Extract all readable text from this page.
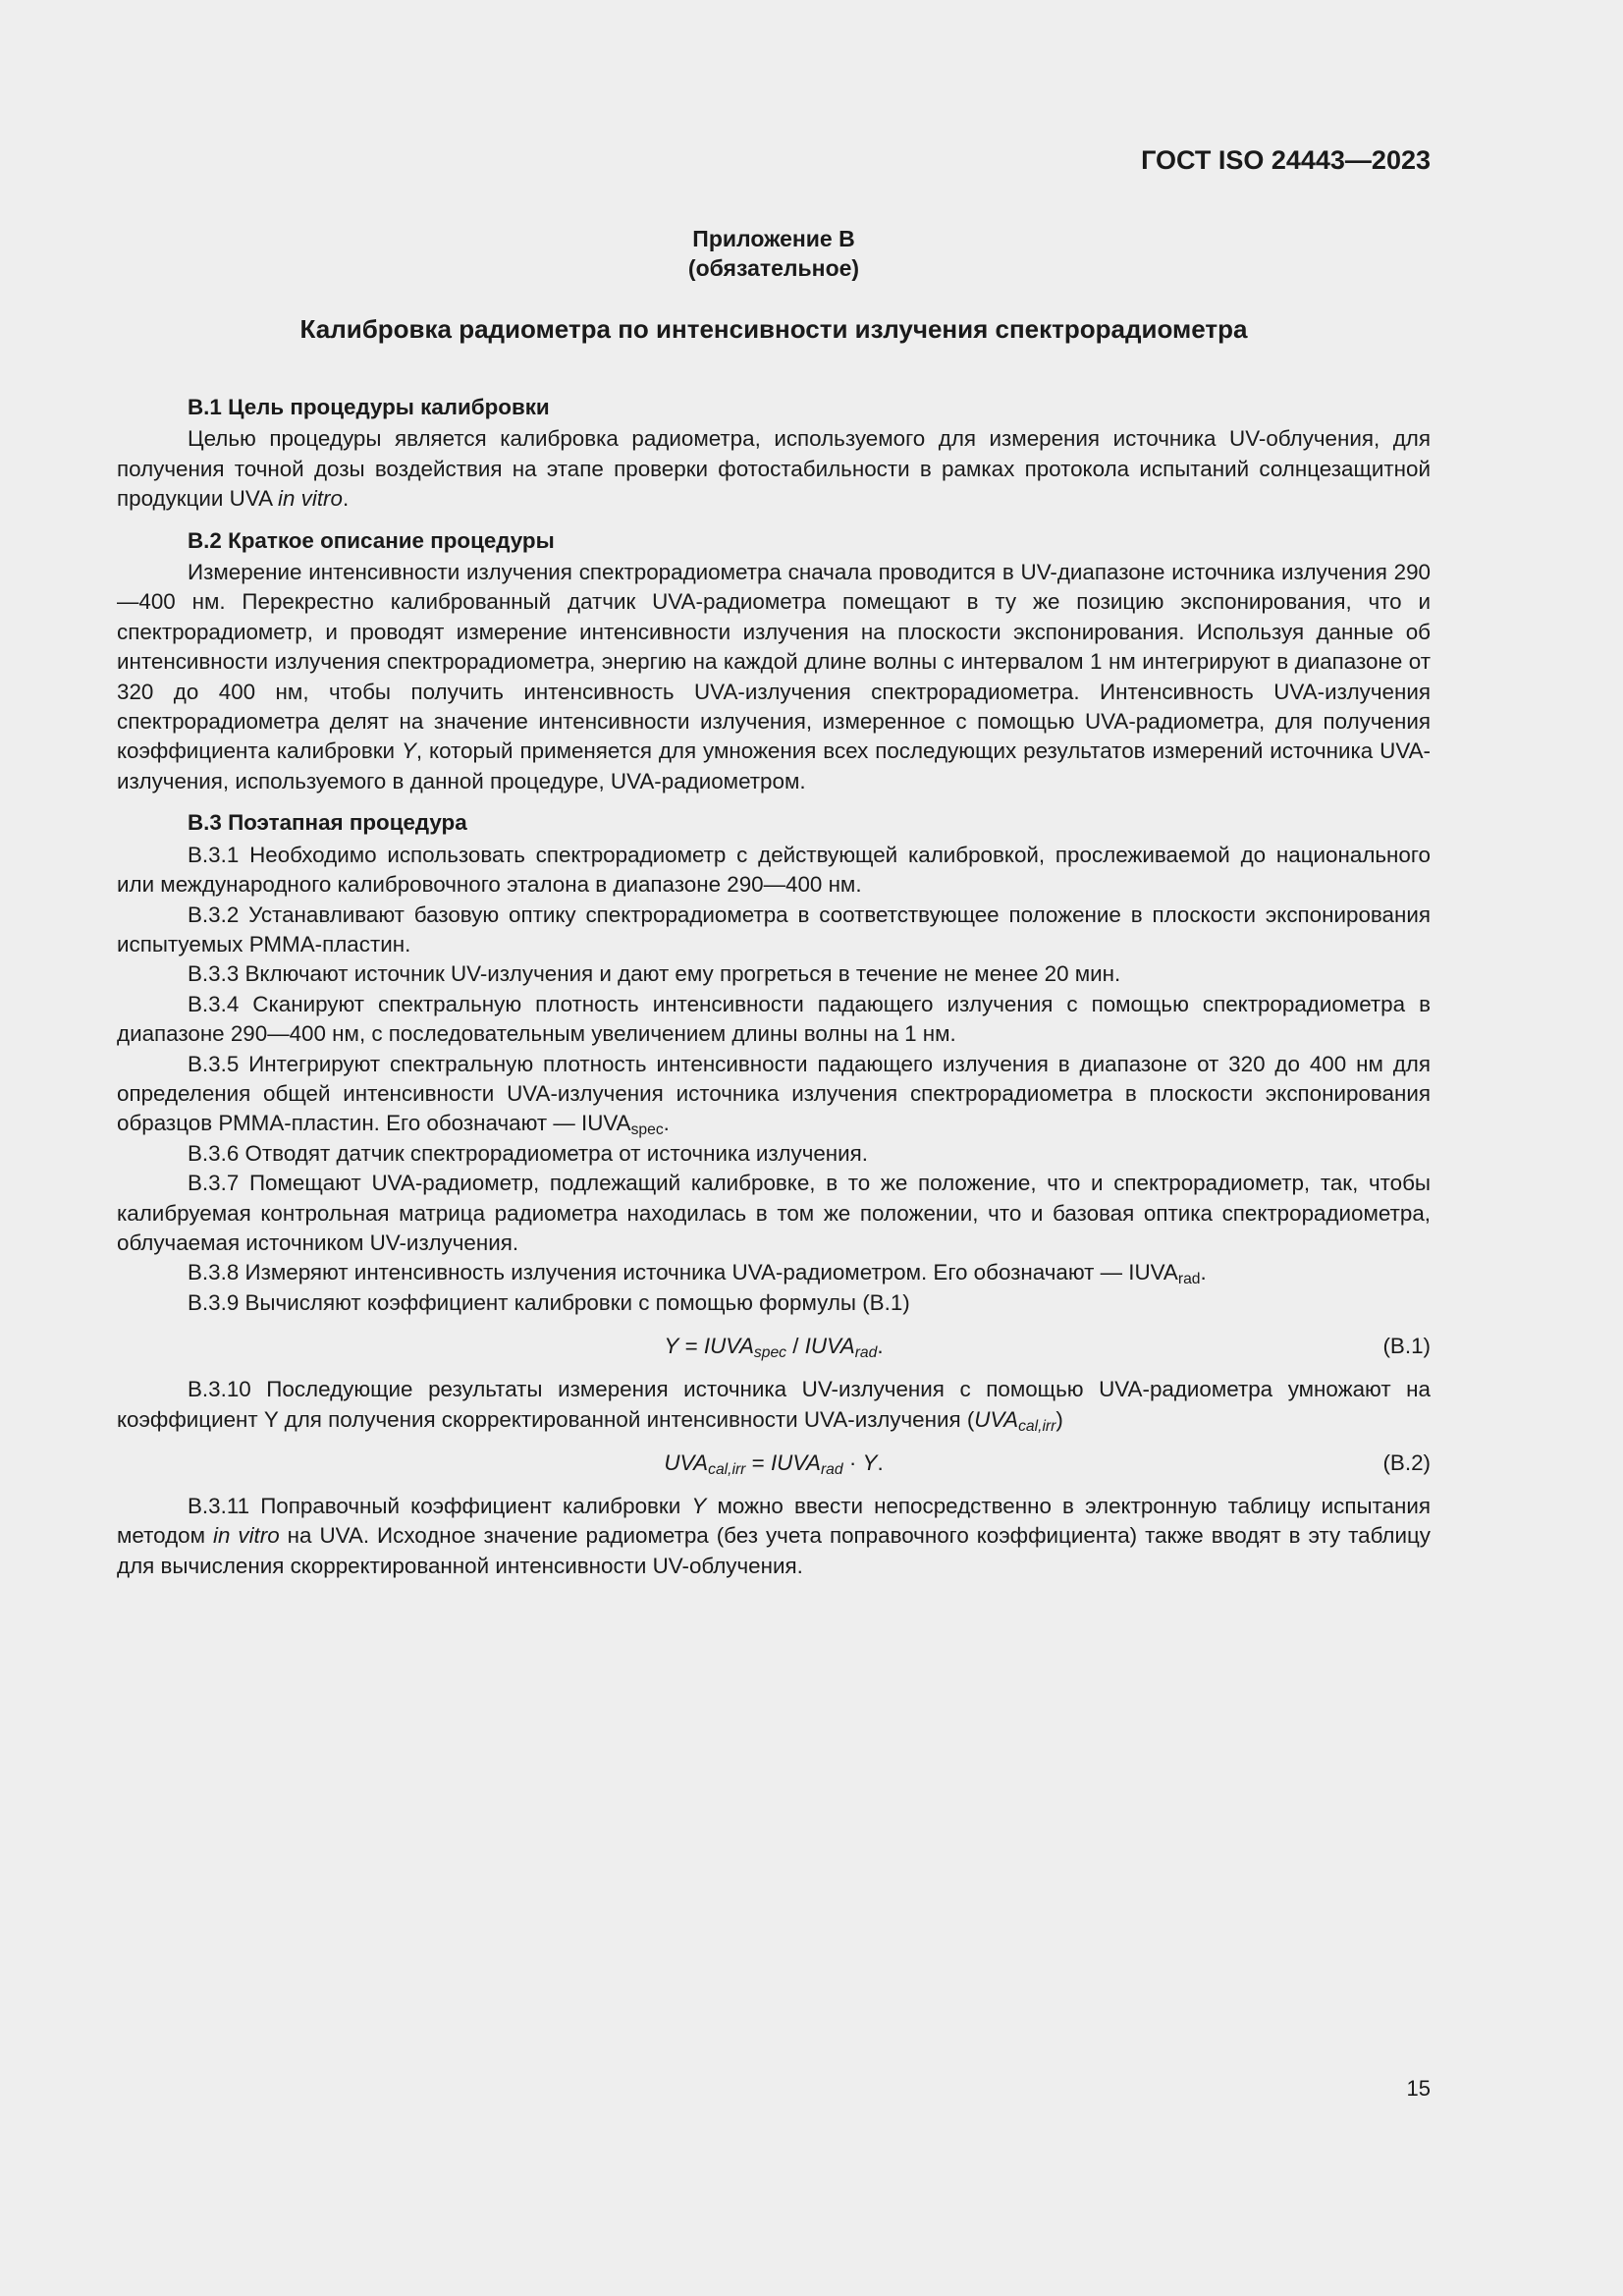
ГОСТ ISO 24443—2023
Приложение В
(обязательное)
Калибровка радиометра по интенсивности излучения спектрорадиометра
В.1 Цель процедуры калибровки

Целью процедуры является калибровка радиометра, используемого для измерения источника UV-облучения, для получения точной дозы воздействия на этапе проверки фотостабильности в рамках протокола испытаний солнцезащитной продукции UVA in vitro.

В.2 Краткое описание процедуры

Измерение интенсивности излучения спектрорадиометра сначала проводится в UV-диапазоне источника излучения 290—400 нм. Перекрестно калиброванный датчик UVA-радиометра помещают в ту же позицию экспонирования, что и спектрорадиометр, и проводят измерение интенсивности излучения на плоскости экспонирования. Используя данные об интенсивности излучения спектрорадиометра, энергию на каждой длине волны с интервалом 1 нм интегрируют в диапазоне от 320 до 400 нм, чтобы получить интенсивность UVA-излучения спектрорадиометра. Интенсивность UVA-излучения спектрорадиометра делят на значение интенсивности излучения, измеренное с помощью UVA-радиометра, для получения коэффициента калибровки Y, который применяется для умножения всех последующих результатов измерений источника UVA-излучения, используемого в данной процедуре, UVA-радиометром.

В.3 Поэтапная процедура

В.3.1 Необходимо использовать спектрорадиометр с действующей калибровкой, прослеживаемой до национального или международного калибровочного эталона в диапазоне 290—400 нм.

В.3.2 Устанавливают базовую оптику спектрорадиометра в соответствующее положение в плоскости экспонирования испытуемых РММА-пластин.

В.3.3 Включают источник UV-излучения и дают ему прогреться в течение не менее 20 мин.

В.3.4 Сканируют спектральную плотность интенсивности падающего излучения с помощью спектрорадиометра в диапазоне 290—400 нм, с последовательным увеличением длины волны на 1 нм.

В.3.5 Интегрируют спектральную плотность интенсивности падающего излучения в диапазоне от 320 до 400 нм для определения общей интенсивности UVA-излучения источника излучения спектрорадиометра в плоскости экспонирования образцов РММА-пластин. Его обозначают — $IUVA_{spec}$.

В.3.6 Отводят датчик спектрорадиометра от источника излучения.

В.3.7 Помещают UVA-радиометр, подлежащий калибровке, в то же положение, что и спектрорадиометр, так, чтобы калибруемая контрольная матрица радиометра находилась в том же положении, что и базовая оптика спектрорадиометра, облучаемая источником UV-излучения.

В.3.8 Измеряют интенсивность излучения источника UVA-радиометром. Его обозначают — $IUVA_{rad}$.

В.3.9 Вычисляют коэффициент калибровки с помощью формулы (В.1)

$Y = IUVA_{spec}$ / $IUVA_{rad}$.	(В.1)

В.3.10 Последующие результаты измерения источника UV-излучения с помощью UVA-радиометра умножают на коэффициент Y для получения скорректированной интенсивности UVA-излучения $(UVA_{cal,irr})$

$UVA_{cal,irr}$ = $IUVA_{rad} \cdot Y$.	(В.2)

В.3.11 Поправочный коэффициент калибровки Y можно ввести непосредственно в электронную таблицу испытания методом in vitro на UVA. Исходное значение радиометра (без учета поправочного коэффициента) также вводят в эту таблицу для вычисления скорректированной интенсивности UV-облучения.

15
